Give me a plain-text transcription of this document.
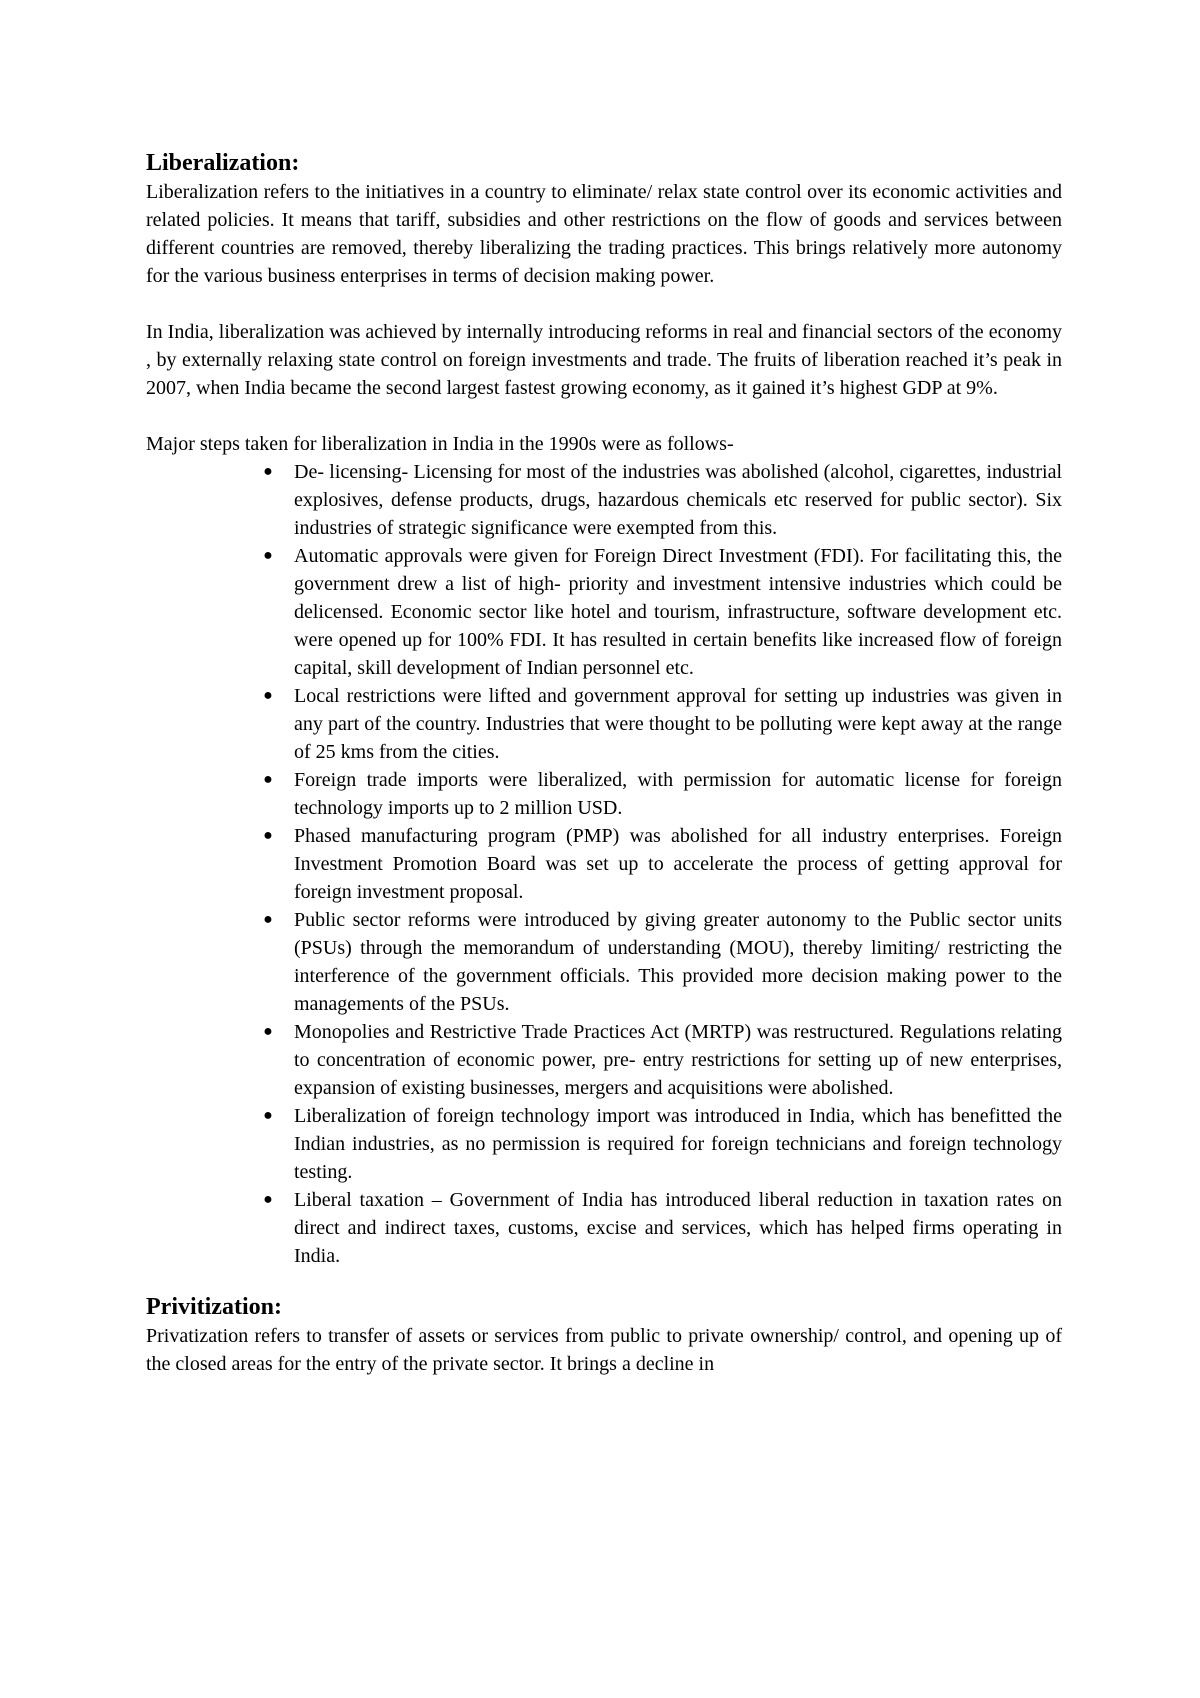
Liberalization:

Liberalization refers to the initiatives in a country to eliminate/ relax state control over its economic activities and related policies. It means that tariff, subsidies and other restrictions on the flow of goods and services between different countries are removed, thereby liberalizing the trading practices. This brings relatively more autonomy for the various business enterprises in terms of decision making power.

In India, liberalization was achieved by internally introducing reforms in real and financial sectors of the economy , by externally relaxing state control on foreign investments and trade. The fruits of liberation reached it’s peak in 2007, when India became the second largest fastest growing economy, as it gained it’s highest GDP at 9%.

Major steps taken for liberalization in India in the 1990s were as follows-

● De- licensing- Licensing for most of the industries was abolished (alcohol, cigarettes, industrial explosives, defense products, drugs, hazardous chemicals etc reserved for public sector). Six industries of strategic significance were exempted from this.
● Automatic approvals were given for Foreign Direct Investment (FDI). For facilitating this, the government drew a list of high- priority and investment intensive industries which could be delicensed. Economic sector like hotel and tourism, infrastructure, software development etc. were opened up for 100% FDI. It has resulted in certain benefits like increased flow of foreign capital, skill development of Indian personnel etc.
● Local restrictions were lifted and government approval for setting up industries was given in any part of the country. Industries that were thought to be polluting were kept away at the range of 25 kms from the cities.
● Foreign trade imports were liberalized, with permission for automatic license for foreign technology imports up to 2 million USD.
● Phased manufacturing program (PMP) was abolished for all industry enterprises. Foreign Investment Promotion Board was set up to accelerate the process of getting approval for foreign investment proposal.
● Public sector reforms were introduced by giving greater autonomy to the Public sector units (PSUs) through the memorandum of understanding (MOU), thereby limiting/ restricting the interference of the government officials. This provided more decision making power to the managements of the PSUs.
● Monopolies and Restrictive Trade Practices Act (MRTP) was restructured. Regulations relating to concentration of economic power, pre- entry restrictions for setting up of new enterprises, expansion of existing businesses, mergers and acquisitions were abolished.
● Liberalization of foreign technology import was introduced in India, which has benefitted the Indian industries, as no permission is required for foreign technicians and foreign technology testing.
● Liberal taxation – Government of India has introduced liberal reduction in taxation rates on direct and indirect taxes, customs, excise and services, which has helped firms operating in India.
Privitization:

Privatization refers to transfer of assets or services from public to private ownership/ control, and opening up of the closed areas for the entry of the private sector. It brings a decline in
